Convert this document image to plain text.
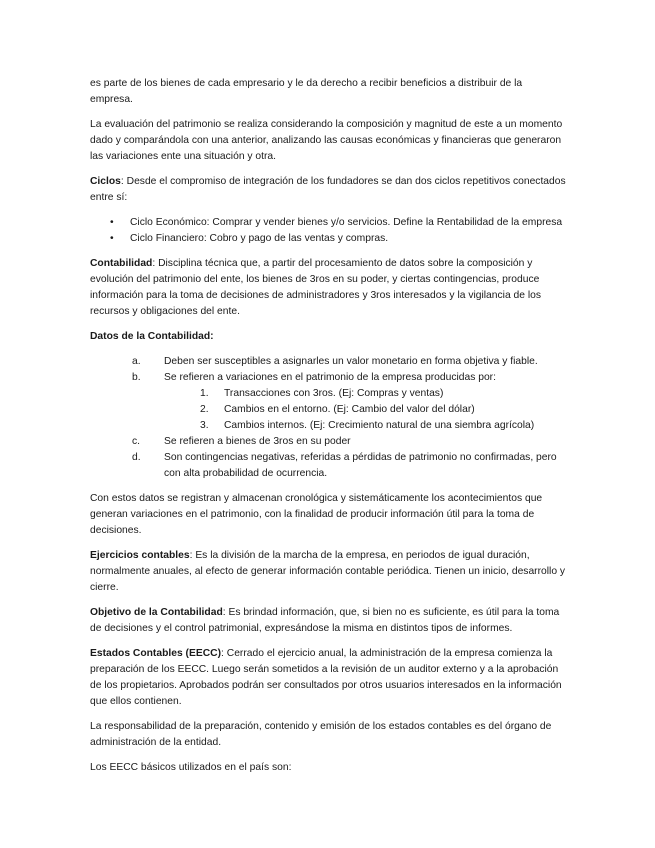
es parte de los bienes de cada empresario y le da derecho a recibir beneficios a distribuir de la empresa.

La evaluación del patrimonio se realiza considerando la composición y magnitud de este a un momento dado y comparándola con una anterior, analizando las causas económicas y financieras que generaron las variaciones ente una situación y otra.

Ciclos: Desde el compromiso de integración de los fundadores se dan dos ciclos repetitivos conectados entre sí:

• Ciclo Económico: Comprar y vender bienes y/o servicios. Define la Rentabilidad de la empresa
• Ciclo Financiero: Cobro y pago de las ventas y compras.

Contabilidad: Disciplina técnica que, a partir del procesamiento de datos sobre la composición y evolución del patrimonio del ente, los bienes de 3ros en su poder, y ciertas contingencias, produce información para la toma de decisiones de administradores y 3ros interesados y la vigilancia de los recursos y obligaciones del ente.

Datos de la Contabilidad:

a. Deben ser susceptibles a asignarles un valor monetario en forma objetiva y fiable.
b. Se refieren a variaciones en el patrimonio de la empresa producidas por:
1. Transacciones con 3ros. (Ej: Compras y ventas)
2. Cambios en el entorno. (Ej: Cambio del valor del dólar)
3. Cambios internos. (Ej: Crecimiento natural de una siembra agrícola)
c. Se refieren a bienes de 3ros en su poder
d. Son contingencias negativas, referidas a pérdidas de patrimonio no confirmadas, pero con alta probabilidad de ocurrencia.

Con estos datos se registran y almacenan cronológica y sistemáticamente los acontecimientos que generan variaciones en el patrimonio, con la finalidad de producir información útil para la toma de decisiones.

Ejercicios contables: Es la división de la marcha de la empresa, en periodos de igual duración, normalmente anuales, al efecto de generar información contable periódica. Tienen un inicio, desarrollo y cierre.

Objetivo de la Contabilidad: Es brindad información, que, si bien no es suficiente, es útil para la toma de decisiones y el control patrimonial, expresándose la misma en distintos tipos de informes.

Estados Contables (EECC): Cerrado el ejercicio anual, la administración de la empresa comienza la preparación de los EECC. Luego serán sometidos a la revisión de un auditor externo y a la aprobación de los propietarios. Aprobados podrán ser consultados por otros usuarios interesados en la información que ellos contienen.

La responsabilidad de la preparación, contenido y emisión de los estados contables es del órgano de administración de la entidad.

Los EECC básicos utilizados en el país son:
